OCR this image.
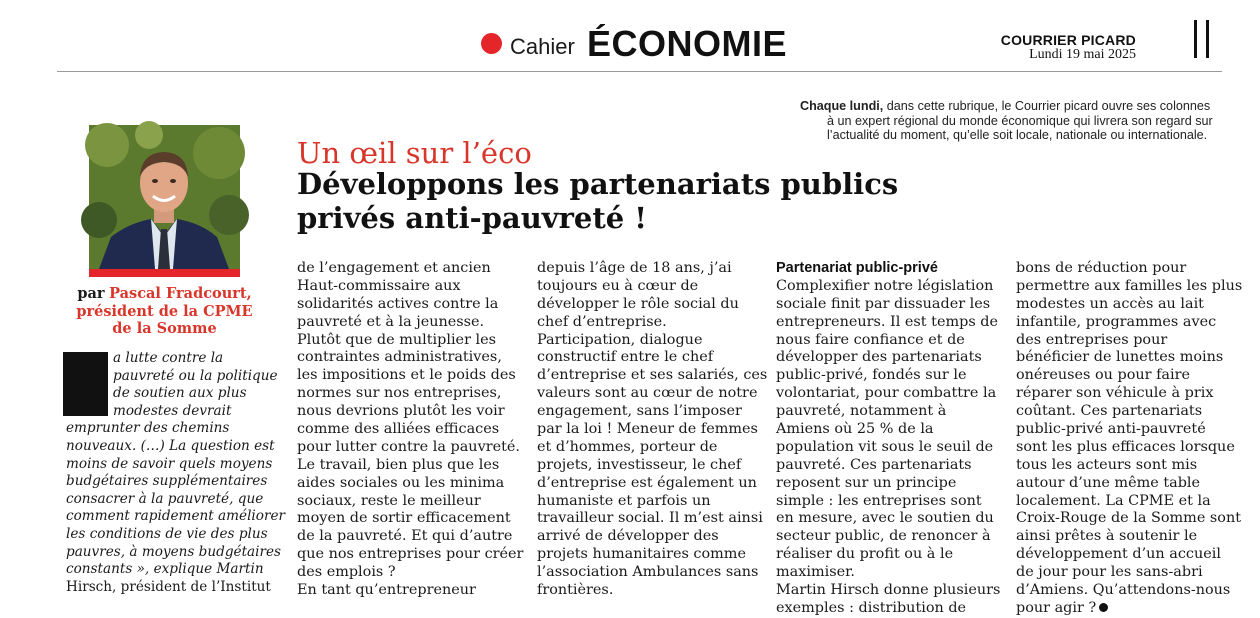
Cahier ÉCONOMIE	COURRIER PICARD
Lundi 19 mai 2025
Chaque lundi, dans cette rubrique, le Courrier picard ouvre ses colonnes
à un expert régional du monde économique qui livrera son regard sur
l’actualité du moment, qu’elle soit locale, nationale ou internationale.
par Pascal Fradcourt,
président de la CPME
de la Somme
a lutte contre la
pauvreté ou la politique
de soutien aux plus
modestes devrait
emprunter des chemins
nouveaux. (…) La question est
moins de savoir quels moyens
budgétaires supplémentaires
consacrer à la pauvreté, que
comment rapidement améliorer
les conditions de vie des plus
pauvres, à moyens budgétaires
constants », explique Martin
Hirsch, président de l’Institut
Un œil sur l’éco
Développons les partenariats publics
privés anti-pauvreté !
de l’engagement et ancien
Haut-commissaire aux
solidarités actives contre la
pauvreté et à la jeunesse.
Plutôt que de multiplier les
contraintes administratives,
les impositions et le poids des
normes sur nos entreprises,
nous devrions plutôt les voir
comme des alliées efficaces
pour lutter contre la pauvreté.
Le travail, bien plus que les
aides sociales ou les minima
sociaux, reste le meilleur
moyen de sortir efficacement
de la pauvreté. Et qui d’autre
que nos entreprises pour créer
des emplois ?
En tant qu’entrepreneur
depuis l’âge de 18 ans, j’ai
toujours eu à cœur de
développer le rôle social du
chef d’entreprise.
Participation, dialogue
constructif entre le chef
d’entreprise et ses salariés, ces
valeurs sont au cœur de notre
engagement, sans l’imposer
par la loi ! Meneur de femmes
et d’hommes, porteur de
projets, investisseur, le chef
d’entreprise est également un
humaniste et parfois un
travailleur social. Il m’est ainsi
arrivé de développer des
projets humanitaires comme
l’association Ambulances sans
frontières.
Partenariat public-privé
Complexifier notre législation
sociale finit par dissuader les
entrepreneurs. Il est temps de
nous faire confiance et de
développer des partenariats
public-privé, fondés sur le
volontariat, pour combattre la
pauvreté, notamment à
Amiens où 25 % de la
population vit sous le seuil de
pauvreté. Ces partenariats
reposent sur un principe
simple : les entreprises sont
en mesure, avec le soutien du
secteur public, de renoncer à
réaliser du profit ou à le
maximiser.
Martin Hirsch donne plusieurs
exemples : distribution de
bons de réduction pour
permettre aux familles les plus
modestes un accès au lait
infantile, programmes avec
des entreprises pour
bénéficier de lunettes moins
onéreuses ou pour faire
réparer son véhicule à prix
coûtant. Ces partenariats
public-privé anti-pauvreté
sont les plus efficaces lorsque
tous les acteurs sont mis
autour d’une même table
localement. La CPME et la
Croix-Rouge de la Somme sont
ainsi prêtes à soutenir le
développement d’un accueil
de jour pour les sans-abri
d’Amiens. Qu’attendons-nous
pour agir ?
